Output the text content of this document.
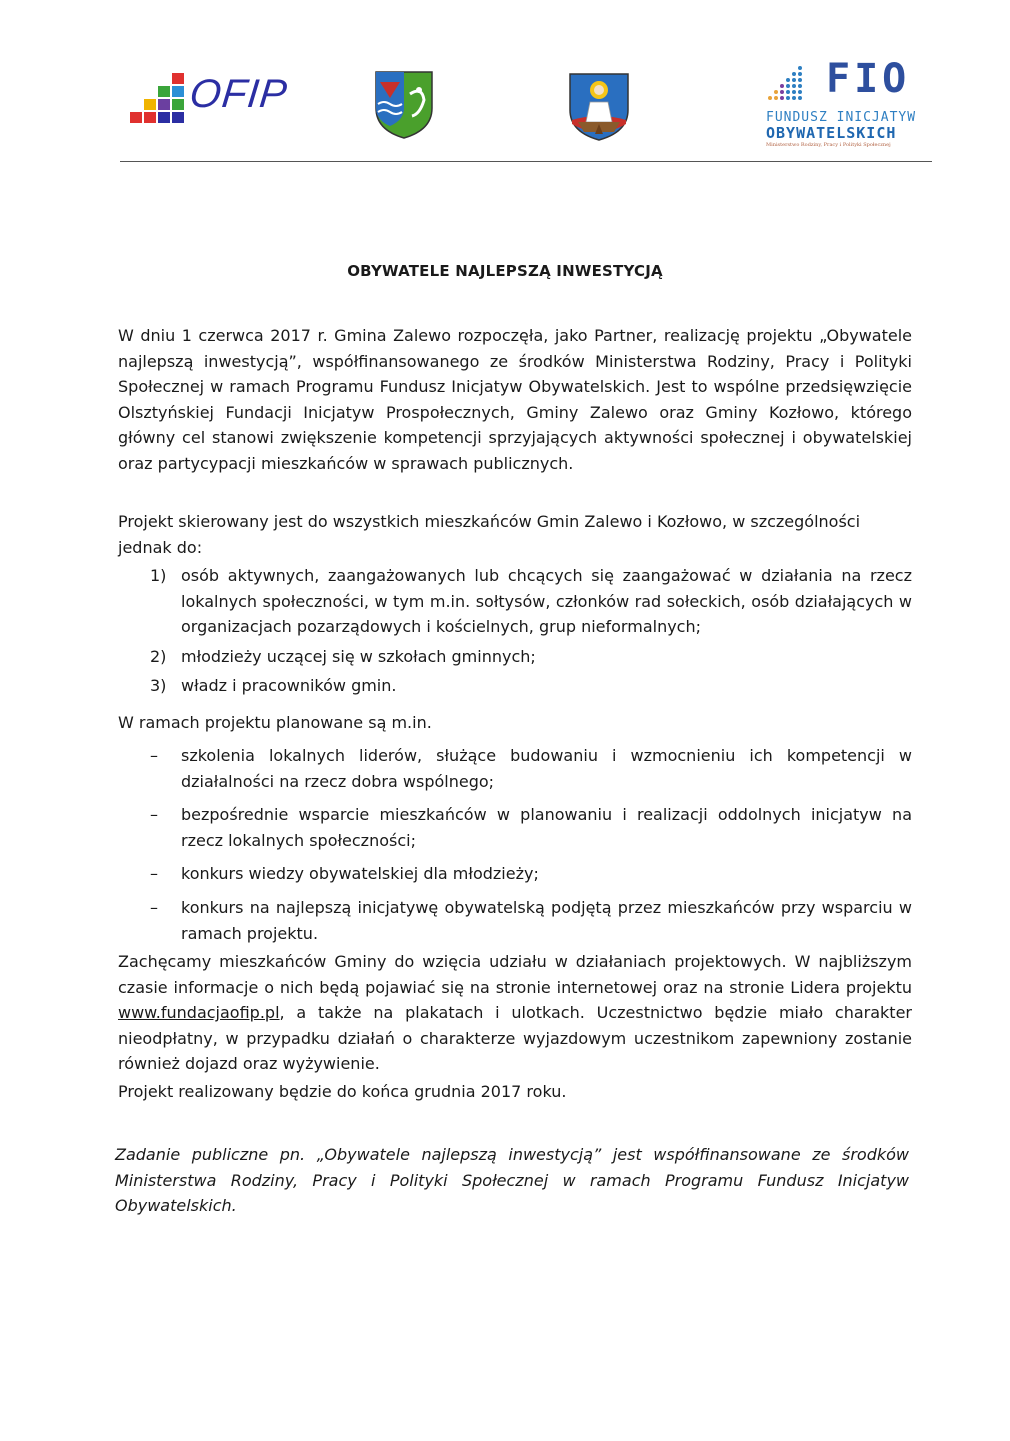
OFIP	FIO
FUNDUSZ INICJATYW
OBYWATELSKICH
Ministerstwo Rodziny, Pracy i Polityki Społecznej
OBYWATELE NAJLEPSZĄ INWESTYCJĄ

W dniu 1 czerwca 2017 r. Gmina Zalewo rozpoczęła, jako Partner, realizację projektu „Obywatele najlepszą inwestycją”, współfinansowanego ze środków Ministerstwa Rodziny, Pracy i Polityki Społecznej w ramach Programu Fundusz Inicjatyw Obywatelskich. Jest to wspólne przedsięwzięcie Olsztyńskiej Fundacji Inicjatyw Prospołecznych, Gminy Zalewo oraz Gminy Kozłowo, którego główny cel stanowi zwiększenie kompetencji sprzyjających aktywności społecznej i obywatelskiej oraz partycypacji mieszkańców w sprawach publicznych.

Projekt skierowany jest do wszystkich mieszkańców Gmin Zalewo i Kozłowo, w szczególności jednak do:

1) osób aktywnych, zaangażowanych lub chcących się zaangażować w działania na rzecz lokalnych społeczności, w tym m.in. sołtysów, członków rad sołeckich, osób działających w organizacjach pozarządowych i kościelnych, grup nieformalnych;
2) młodzieży uczącej się w szkołach gminnych;
3) władz i pracowników gmin.

W ramach projektu planowane są m.in.

– szkolenia lokalnych liderów, służące budowaniu i wzmocnieniu ich kompetencji w działalności na rzecz dobra wspólnego;
– bezpośrednie wsparcie mieszkańców w planowaniu i realizacji oddolnych inicjatyw na rzecz lokalnych społeczności;
– konkurs wiedzy obywatelskiej dla młodzieży;
– konkurs na najlepszą inicjatywę obywatelską podjętą przez mieszkańców przy wsparciu w ramach projektu.

Zachęcamy mieszkańców Gminy do wzięcia udziału w działaniach projektowych. W najbliższym czasie informacje o nich będą pojawiać się na stronie internetowej oraz na stronie Lidera projektu www.fundacjaofip.pl, a także na plakatach i ulotkach. Uczestnictwo będzie miało charakter nieodpłatny, w przypadku działań o charakterze wyjazdowym uczestnikom zapewniony zostanie również dojazd oraz wyżywienie.

Projekt realizowany będzie do końca grudnia 2017 roku.

Zadanie publiczne pn. „Obywatele najlepszą inwestycją” jest współfinansowane ze środków Ministerstwa Rodziny, Pracy i Polityki Społecznej w ramach Programu Fundusz Inicjatyw Obywatelskich.
